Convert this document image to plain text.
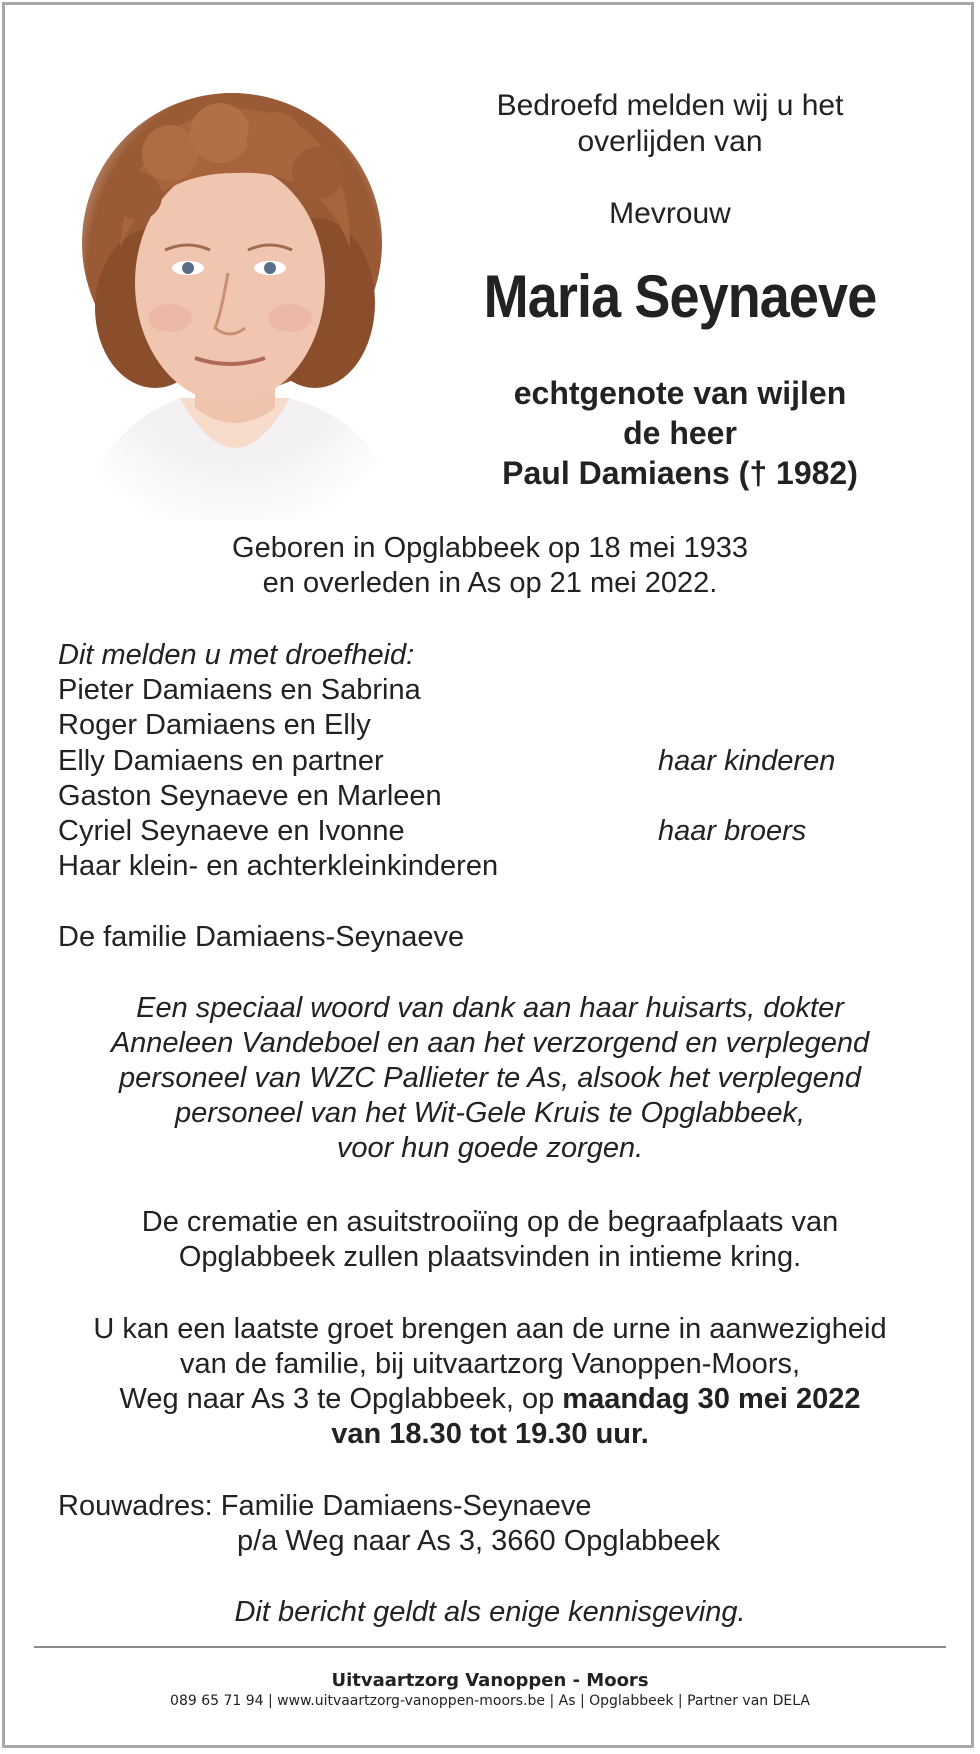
Bedroefd melden wij u het
overlijden van
Mevrouw
Maria Seynaeve
echtgenote van wijlen
de heer
Paul Damiaens († 1982)
Geboren in Opglabbeek op 18 mei 1933
en overleden in As op 21 mei 2022.
Dit melden u met droefheid:
Pieter Damiaens en Sabrina
Roger Damiaens en Elly
Elly Damiaens en partner	haar kinderen
Gaston Seynaeve en Marleen
Cyriel Seynaeve en Ivonne	haar broers
Haar klein- en achterkleinkinderen
De familie Damiaens-Seynaeve
Een speciaal woord van dank aan haar huisarts, dokter
Anneleen Vandeboel en aan het verzorgend en verplegend
personeel van WZC Pallieter te As, alsook het verplegend
personeel van het Wit-Gele Kruis te Opglabbeek,
voor hun goede zorgen.
De crematie en asuitstrooiïng op de begraafplaats van
Opglabbeek zullen plaatsvinden in intieme kring.
U kan een laatste groet brengen aan de urne in aanwezigheid
van de familie, bij uitvaartzorg Vanoppen-Moors,
Weg naar As 3 te Opglabbeek, op maandag 30 mei 2022
van 18.30 tot 19.30 uur.
Rouwadres: Familie Damiaens-Seynaeve
p/a Weg naar As 3, 3660 Opglabbeek
Dit bericht geldt als enige kennisgeving.
Uitvaartzorg Vanoppen - Moors
089 65 71 94 | www.uitvaartzorg-vanoppen-moors.be | As | Opglabbeek | Partner van DELA
